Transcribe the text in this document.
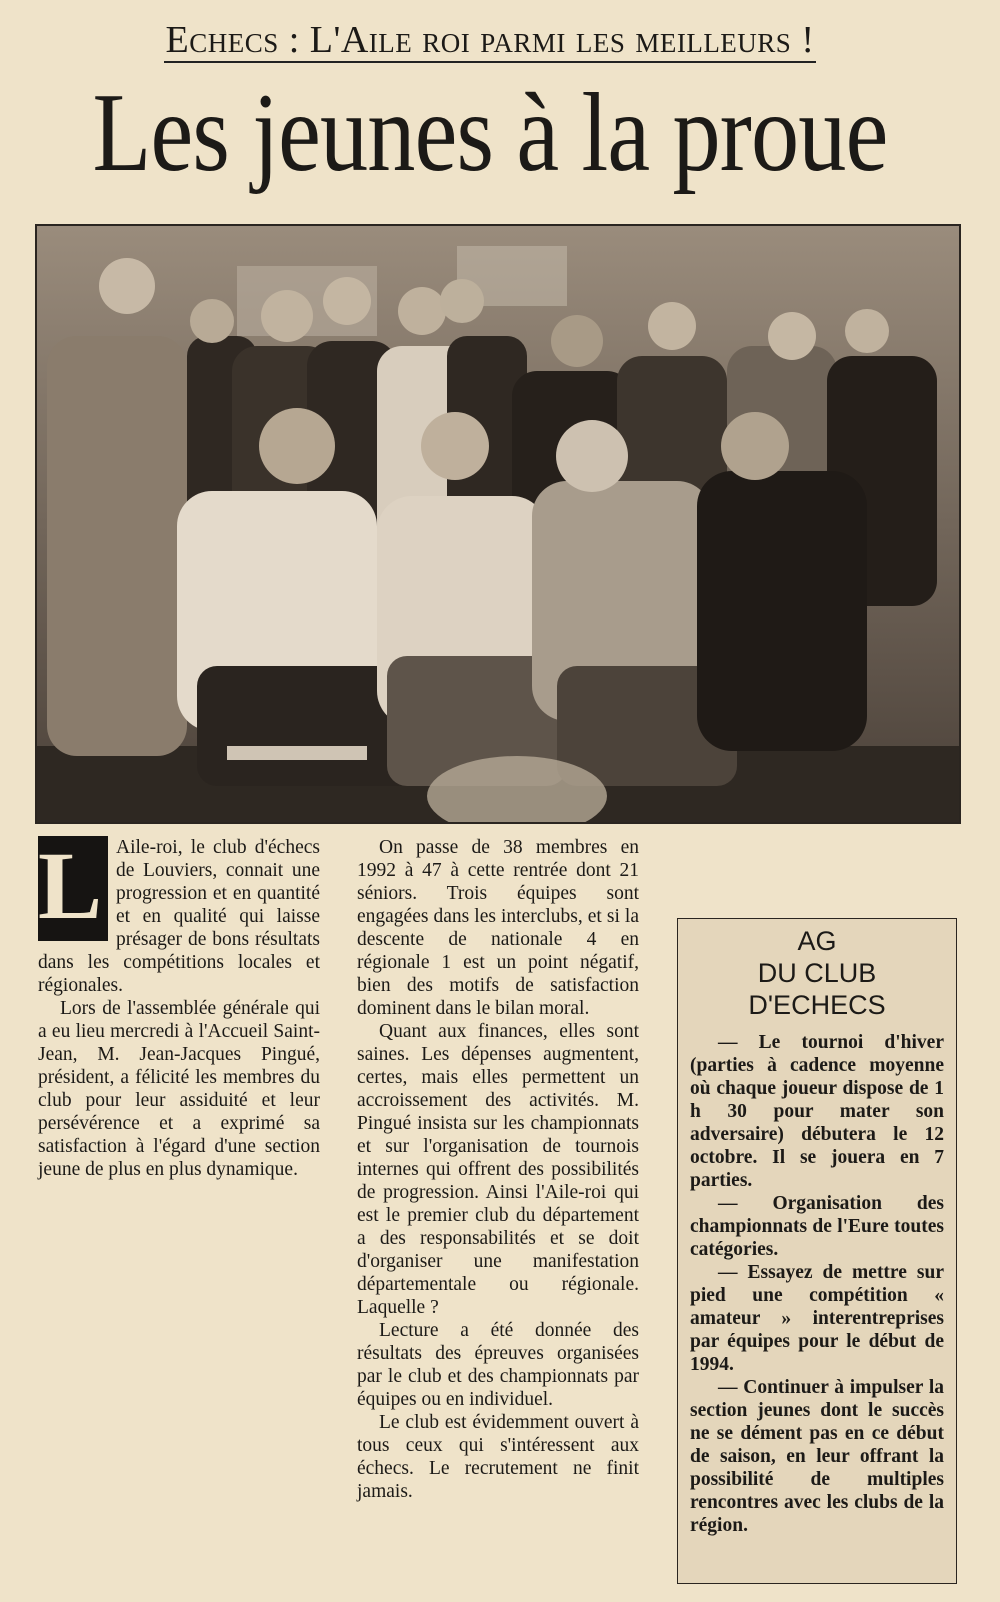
Echecs : L'Aile roi parmi les meilleurs !
Les jeunes à la proue
L'

Aile-roi, le club d'échecs de Louviers, connait une progression et en quantité et en qualité qui laisse présager de bons résultats dans les compétitions locales et régionales.

Lors de l'assemblée générale qui a eu lieu mercredi à l'Accueil Saint-Jean, M. Jean-Jacques Pingué, président, a félicité les membres du club pour leur assiduité et leur persévérence et a exprimé sa satisfaction à l'égard d'une section jeune de plus en plus dynamique.

On passe de 38 membres en 1992 à 47 à cette rentrée dont 21 séniors. Trois équipes sont engagées dans les interclubs, et si la descente de nationale 4 en régionale 1 est un point négatif, bien des motifs de satisfaction dominent dans le bilan moral.

Quant aux finances, elles sont saines. Les dépenses augmentent, certes, mais elles permettent un accroissement des activités. M. Pingué insista sur les championnats et sur l'organisation de tournois internes qui offrent des possibilités de progression. Ainsi l'Aile-roi qui est le premier club du département a des responsabilités et se doit d'organiser une manifestation départementale ou régionale. Laquelle ?

Lecture a été donnée des résultats des épreuves organisées par le club et des championnats par équipes ou en individuel.

Le club est évidemment ouvert à tous ceux qui s'intéressent aux échecs. Le recrutement ne finit jamais.

AG
DU CLUB
D'ECHECS

— Le tournoi d'hiver (parties à cadence moyenne où chaque joueur dispose de 1 h 30 pour mater son adversaire) débutera le 12 octobre. Il se jouera en 7 parties.

— Organisation des championnats de l'Eure toutes catégories.

— Essayez de mettre sur pied une compétition « amateur » interentreprises par équipes pour le début de 1994.

— Continuer à impulser la section jeunes dont le succès ne se dément pas en ce début de saison, en leur offrant la possibilité de multiples rencontres avec les clubs de la région.
